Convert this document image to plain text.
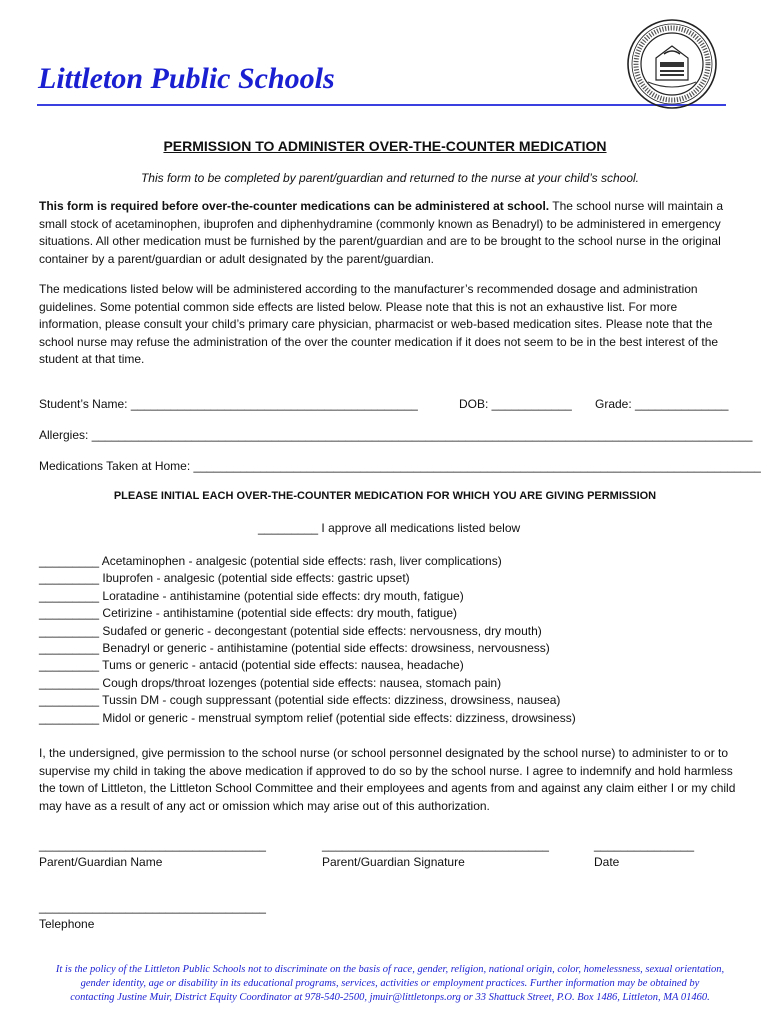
Littleton Public Schools
PERMISSION TO ADMINISTER OVER-THE-COUNTER MEDICATION
This form to be completed by parent/guardian and returned to the nurse at your child’s school.
This form is required before over-the-counter medications can be administered at school. The school nurse will maintain a small stock of acetaminophen, ibuprofen and diphenhydramine (commonly known as Benadryl) to be administered in emergency situations. All other medication must be furnished by the parent/guardian and are to be brought to the school nurse in the original container by a parent/guardian or adult designated by the parent/guardian.
The medications listed below will be administered according to the manufacturer’s recommended dosage and administration guidelines. Some potential common side effects are listed below. Please note that this is not an exhaustive list. For more information, please consult your child’s primary care physician, pharmacist or web-based medication sites. Please note that the school nurse may refuse the administration of the over the counter medication if it does not seem to be in the best interest of the student at that time.
Student’s Name: ___________________________________________	DOB: ____________ Grade: ______________
Allergies: ___________________________________________________________________________________________________
Medications Taken at Home: _____________________________________________________________________________________
PLEASE INITIAL EACH OVER-THE-COUNTER MEDICATION FOR WHICH YOU ARE GIVING PERMISSION
_________ I approve all medications listed below
_________ Acetaminophen - analgesic (potential side effects: rash, liver complications)
_________ Ibuprofen - analgesic (potential side effects: gastric upset)
_________ Loratadine - antihistamine (potential side effects: dry mouth, fatigue)
_________ Cetirizine - antihistamine (potential side effects: dry mouth, fatigue)
_________ Sudafed or generic - decongestant (potential side effects: nervousness, dry mouth)
_________ Benadryl or generic - antihistamine (potential side effects: drowsiness, nervousness)
_________ Tums or generic - antacid (potential side effects: nausea, headache)
_________ Cough drops/throat lozenges (potential side effects: nausea, stomach pain)
_________ Tussin DM - cough suppressant (potential side effects: dizziness, drowsiness, nausea)
_________ Midol or generic - menstrual symptom relief (potential side effects: dizziness, drowsiness)
I, the undersigned, give permission to the school nurse (or school personnel designated by the school nurse) to administer to or to supervise my child in taking the above medication if approved to do so by the school nurse. I agree to indemnify and hold harmless the town of Littleton, the Littleton School Committee and their employees and agents from and against any claim either I or my child may have as a result of any act or omission which may arise out of this authorization.
__________________________________
Parent/Guardian Name
__________________________________
Parent/Guardian Signature
_______________
Date
__________________________________
Telephone
It is the policy of the Littleton Public Schools not to discriminate on the basis of race, gender, religion, national origin, color, homelessness, sexual orientation,
gender identity, age or disability in its educational programs, services, activities or employment practices. Further information may be obtained by
contacting Justine Muir, District Equity Coordinator at 978-540-2500, jmuir@littletonps.org or 33 Shattuck Street, P.O. Box 1486, Littleton, MA 01460.
